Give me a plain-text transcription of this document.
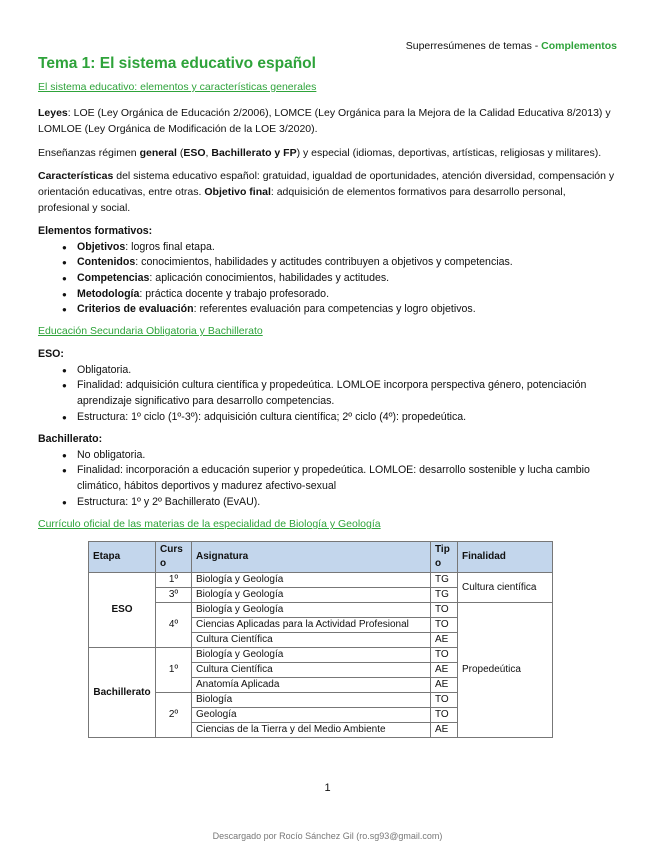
Superresúmenes de temas - Complementos
Tema 1: El sistema educativo español
El sistema educativo: elementos y características generales
Leyes: LOE (Ley Orgánica de Educación 2/2006), LOMCE (Ley Orgánica para la Mejora de la Calidad Educativa 8/2013) y LOMLOE (Ley Orgánica de Modificación de la LOE 3/2020).
Enseñanzas régimen general (ESO, Bachillerato y FP) y especial (idiomas, deportivas, artísticas, religiosas y militares).
Características del sistema educativo español: gratuidad, igualdad de oportunidades, atención diversidad, compensación y orientación educativas, entre otras. Objetivo final: adquisición de elementos formativos para desarrollo personal, profesional y social.
Elementos formativos:
● Objetivos: logros final etapa.
● Contenidos: conocimientos, habilidades y actitudes contribuyen a objetivos y competencias.
● Competencias: aplicación conocimientos, habilidades y actitudes.
● Metodología: práctica docente y trabajo profesorado.
● Criterios de evaluación: referentes evaluación para competencias y logro objetivos.
Educación Secundaria Obligatoria y Bachillerato
ESO:
● Obligatoria.
● Finalidad: adquisición cultura científica y propedeútica. LOMLOE incorpora perspectiva género, potenciación aprendizaje significativo para desarrollo competencias.
● Estructura: 1º ciclo (1º-3º): adquisición cultura científica; 2º ciclo (4º): propedeútica.
Bachillerato:
● No obligatoria.
● Finalidad: incorporación a educación superior y propedeútica. LOMLOE: desarrollo sostenible y lucha cambio climático, hábitos deportivos y madurez afectivo-sexual
● Estructura: 1º y 2º Bachillerato (EvAU).
Currículo oficial de las materias de la especialidad de Biología y Geología
Etapa	Curso	Asignatura	Tipo	Finalidad
ESO	1º	Biología y Geología	TG	Cultura científica
	3º	Biología y Geología	TG	
	4º	Biología y Geología	TO	Propedeútica
		Ciencias Aplicadas para la Actividad Profesional	TO	
		Cultura Científica	AE	
Bachillerato	1º	Biología y Geología	TO	
		Cultura Científica	AE	
		Anatomía Aplicada	AE	
	2º	Biología	TO	
		Geología	TO	
		Ciencias de la Tierra y del Medio Ambiente	AE	
1
Descargado por Rocío Sánchez Gil (ro.sg93@gmail.com)
